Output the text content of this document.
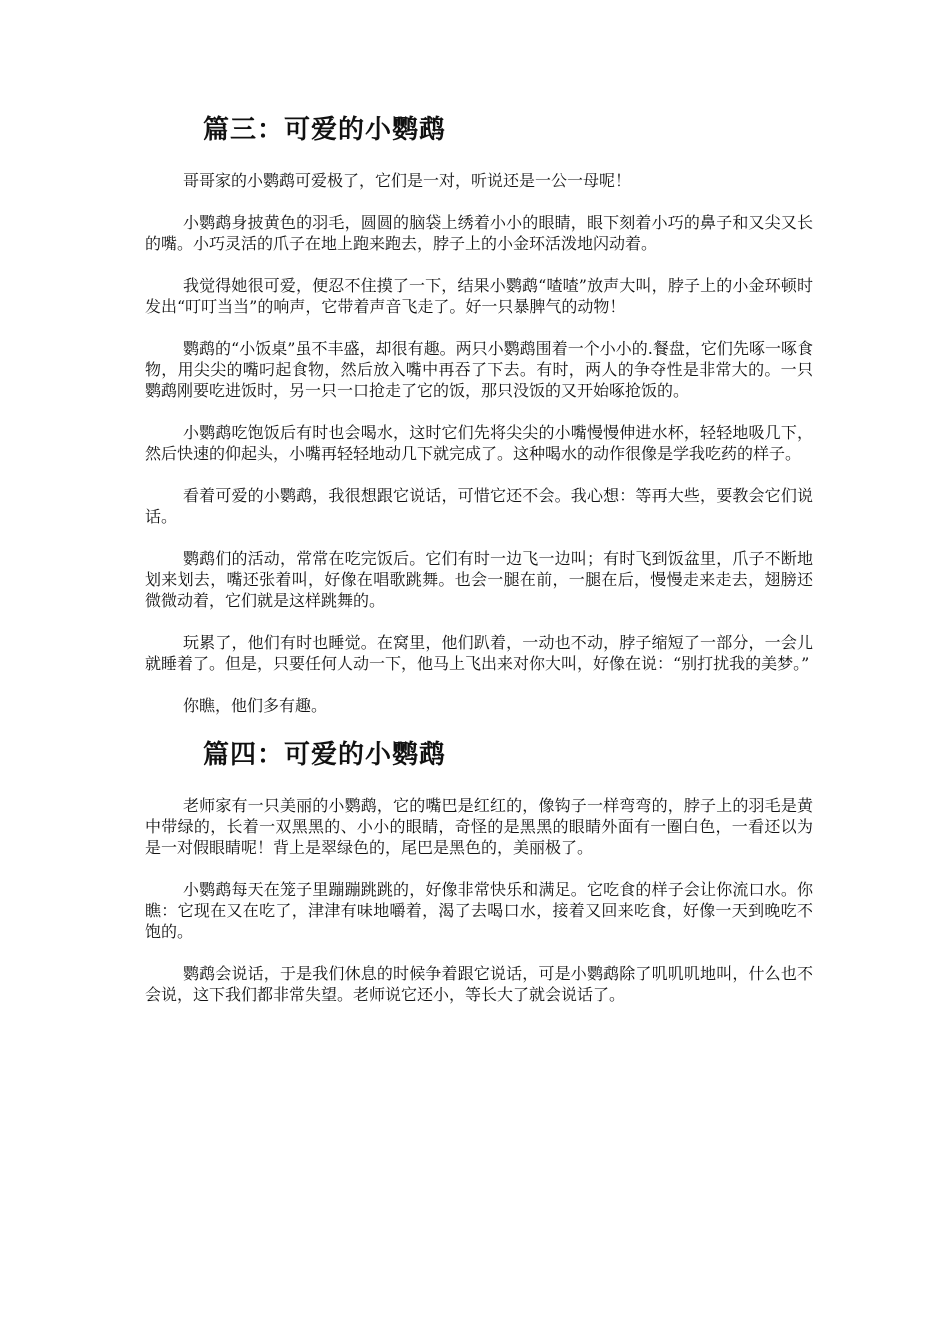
篇三：可爱的小鹦鹉

哥哥家的小鹦鹉可爱极了，它们是一对，听说还是一公一母呢！

小鹦鹉身披黄色的羽毛，圆圆的脑袋上绣着小小的眼睛，眼下刻着小巧的鼻子和又尖又长的嘴。小巧灵活的爪子在地上跑来跑去，脖子上的小金环活泼地闪动着。

我觉得她很可爱，便忍不住摸了一下，结果小鹦鹉“喳喳”放声大叫，脖子上的小金环顿时发出“叮叮当当”的响声，它带着声音飞走了。好一只暴脾气的动物！

鹦鹉的“小饭桌”虽不丰盛，却很有趣。两只小鹦鹉围着一个小小的.餐盘，它们先啄一啄食物，用尖尖的嘴叼起食物，然后放入嘴中再吞了下去。有时，两人的争夺性是非常大的。一只鹦鹉刚要吃进饭时，另一只一口抢走了它的饭，那只没饭的又开始啄抢饭的。

小鹦鹉吃饱饭后有时也会喝水，这时它们先将尖尖的小嘴慢慢伸进水杯，轻轻地吸几下，然后快速的仰起头，小嘴再轻轻地动几下就完成了。这种喝水的动作很像是学我吃药的样子。

看着可爱的小鹦鹉，我很想跟它说话，可惜它还不会。我心想：等再大些，要教会它们说话。

鹦鹉们的活动，常常在吃完饭后。它们有时一边飞一边叫；有时飞到饭盆里，爪子不断地划来划去，嘴还张着叫，好像在唱歌跳舞。也会一腿在前，一腿在后，慢慢走来走去，翅膀还微微动着，它们就是这样跳舞的。

玩累了，他们有时也睡觉。在窝里，他们趴着，一动也不动，脖子缩短了一部分，一会儿就睡着了。但是，只要任何人动一下，他马上飞出来对你大叫，好像在说：“别打扰我的美梦。”

你瞧，他们多有趣。

篇四：可爱的小鹦鹉

老师家有一只美丽的小鹦鹉，它的嘴巴是红红的，像钩子一样弯弯的，脖子上的羽毛是黄中带绿的，长着一双黑黑的、小小的眼睛，奇怪的是黑黑的眼睛外面有一圈白色，一看还以为是一对假眼睛呢！背上是翠绿色的，尾巴是黑色的，美丽极了。

小鹦鹉每天在笼子里蹦蹦跳跳的，好像非常快乐和满足。它吃食的样子会让你流口水。你瞧：它现在又在吃了，津津有味地嚼着，渴了去喝口水，接着又回来吃食，好像一天到晚吃不饱的。

鹦鹉会说话，于是我们休息的时候争着跟它说话，可是小鹦鹉除了叽叽叽地叫，什么也不会说，这下我们都非常失望。老师说它还小，等长大了就会说话了。
